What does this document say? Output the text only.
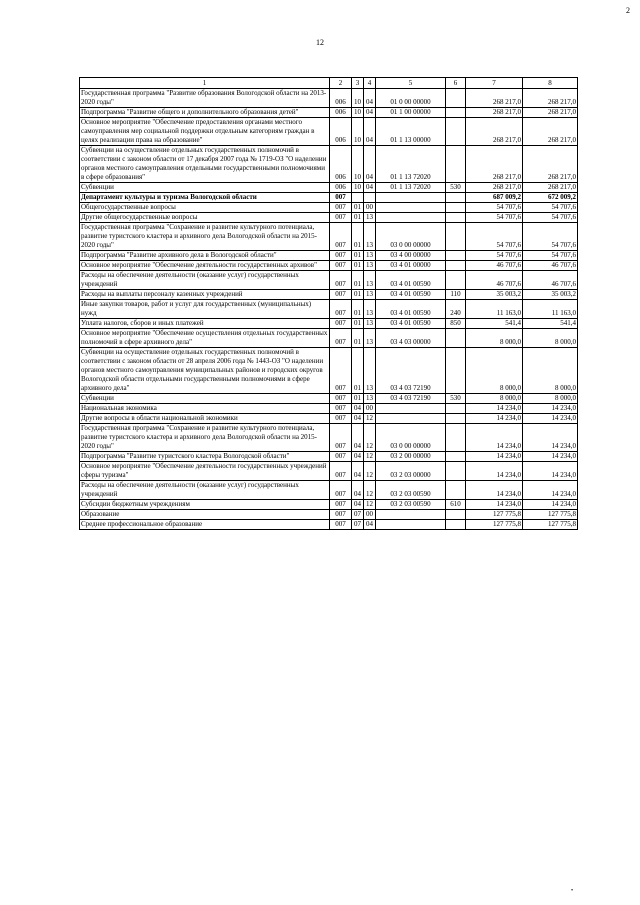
2
12
1	2	3	4	5	6	7	8
Государственная программа "Развитие образования Вологодской области на 2013-2020 годы"	006	10	04	01 0 00 00000		268 217,0	268 217,0
Подпрограмма "Развитие общего и дополнительного образования детей"	006	10	04	01 1 00 00000		268 217,0	268 217,0
Основное мероприятие "Обеспечение предоставления органами местного самоуправления мер социальной поддержки отдельным категориям граждан в целях реализации права на образование"	006	10	04	01 1 13 00000		268 217,0	268 217,0
Субвенции на осуществление отдельных государственных полномочий в соответствии с законом области от 17 декабря 2007 года № 1719-ОЗ "О наделении органов местного самоуправления отдельными государственными полномочиями в сфере образования"	006	10	04	01 1 13 72020		268 217,0	268 217,0
Субвенции	006	10	04	01 1 13 72020	530	268 217,0	268 217,0
Департамент культуры и туризма Вологодской области	007					687 009,2	672 009,2
Общегосударственные вопросы	007	01	00			54 707,6	54 707,6
Другие общегосударственные вопросы	007	01	13			54 707,6	54 707,6
Государственная программа "Сохранение и развитие культурного потенциала, развитие туристского кластера и архивного дела Вологодской области на 2015-2020 годы"	007	01	13	03 0 00 00000		54 707,6	54 707,6
Подпрограмма "Развитие архивного дела в Вологодской области"	007	01	13	03 4 00 00000		54 707,6	54 707,6
Основное мероприятие "Обеспечение деятельности государственных архивов"	007	01	13	03 4 01 00000		46 707,6	46 707,6
Расходы на обеспечение деятельности (оказание услуг) государственных учреждений	007	01	13	03 4 01 00590		46 707,6	46 707,6
Расходы на выплаты персоналу казенных учреждений	007	01	13	03 4 01 00590	110	35 003,2	35 003,2
Иные закупки товаров, работ и услуг для государственных (муниципальных) нужд	007	01	13	03 4 01 00590	240	11 163,0	11 163,0
Уплата налогов, сборов и иных платежей	007	01	13	03 4 01 00590	850	541,4	541,4
Основное мероприятие "Обеспечение осуществления отдельных государственных полномочий в сфере архивного дела"	007	01	13	03 4 03 00000		8 000,0	8 000,0
Субвенции на осуществление отдельных государственных полномочий в соответствии с законом области от 28 апреля 2006 года № 1443-ОЗ "О наделении органов местного самоуправления муниципальных районов и городских округов Вологодской области отдельными государственными полномочиями в сфере архивного дела"	007	01	13	03 4 03 72190		8 000,0	8 000,0
Субвенции	007	01	13	03 4 03 72190	530	8 000,0	8 000,0
Национальная экономика	007	04	00			14 234,0	14 234,0
Другие вопросы в области национальной экономики	007	04	12			14 234,0	14 234,0
Государственная программа "Сохранение и развитие культурного потенциала, развитие туристского кластера и архивного дела Вологодской области на 2015-2020 годы"	007	04	12	03 0 00 00000		14 234,0	14 234,0
Подпрограмма "Развитие туристского кластера Вологодской области"	007	04	12	03 2 00 00000		14 234,0	14 234,0
Основное мероприятие "Обеспечение деятельности государственных учреждений сферы туризма"	007	04	12	03 2 03 00000		14 234,0	14 234,0
Расходы на обеспечение деятельности (оказание услуг) государственных учреждений	007	04	12	03 2 03 00590		14 234,0	14 234,0
Субсидии бюджетным учреждениям	007	04	12	03 2 03 00590	610	14 234,0	14 234,0
Образование	007	07	00			127 775,8	127 775,8
Среднее профессиональное образование	007	07	04			127 775,8	127 775,8
•
